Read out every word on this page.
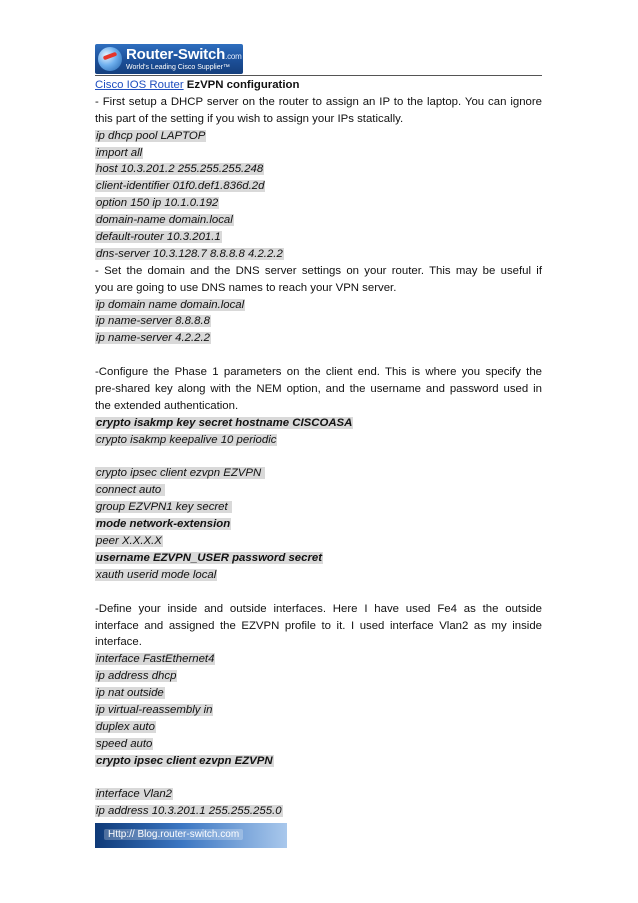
Router-Switch.com
World's Leading Cisco Supplier™
Cisco IOS Router EzVPN configuration
- First setup a DHCP server on the router to assign an IP to the laptop. You can ignore
this part of the setting if you wish to assign your IPs statically.
ip dhcp pool LAPTOP
import all
host 10.3.201.2 255.255.255.248
client-identifier 01f0.def1.836d.2d
option 150 ip 10.1.0.192
domain-name domain.local
default-router 10.3.201.1
dns-server 10.3.128.7 8.8.8.8 4.2.2.2
- Set the domain and the DNS server settings on your router. This may be useful if
you are going to use DNS names to reach your VPN server.
ip domain name domain.local
ip name-server 8.8.8.8
ip name-server 4.2.2.2
-Configure the Phase 1 parameters on the client end. This is where you specify the
pre-shared key along with the NEM option, and the username and password used in
the extended authentication.
crypto isakmp key secret hostname CISCOASA
crypto isakmp keepalive 10 periodic
crypto ipsec client ezvpn EZVPN
connect auto
group EZVPN1 key secret
mode network-extension
peer X.X.X.X
username EZVPN_USER password secret
xauth userid mode local
-Define your inside and outside interfaces. Here I have used Fe4 as the outside
interface and assigned the EZVPN profile to it. I used interface Vlan2 as my inside
interface.
interface FastEthernet4
ip address dhcp
ip nat outside
ip virtual-reassembly in
duplex auto
speed auto
crypto ipsec client ezvpn EZVPN
interface Vlan2
ip address 10.3.201.1 255.255.255.0
Http:// Blog.router-switch.com
